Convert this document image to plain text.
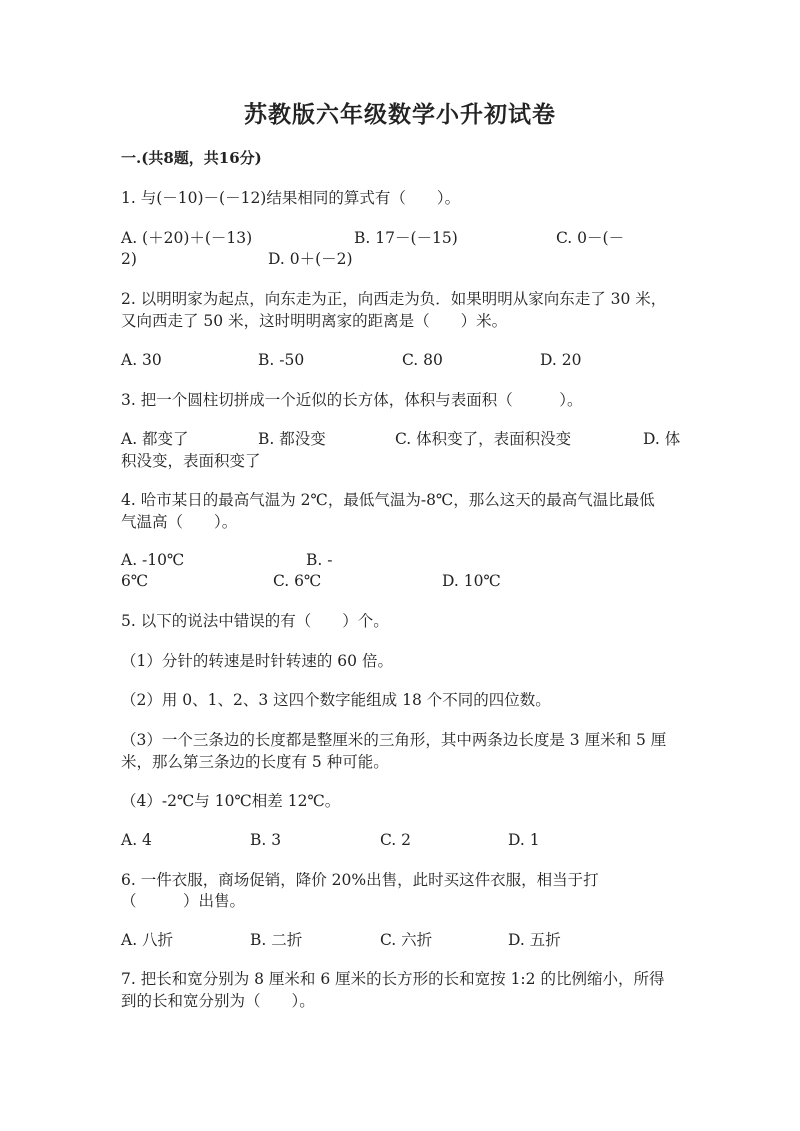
苏教版六年级数学小升初试卷
一.(共8题，共16分)
1. 与(－10)－(－12)结果相同的算式有（　　）。
A. (＋20)＋(－13)	B. 17－(－15)	C. 0－(－
2)	D. 0＋(－2)
2. 以明明家为起点，向东走为正，向西走为负．如果明明从家向东走了 30 米，
又向西走了 50 米，这时明明离家的距离是（　　）米。
A. 30	B. -50	C. 80	D. 20
3. 把一个圆柱切拼成一个近似的长方体，体积与表面积（　　　）。
A. 都变了	B. 都没变	C. 体积变了，表面积没变	D. 体
积没变，表面积变了
4. 哈市某日的最高气温为 2℃，最低气温为-8℃，那么这天的最高气温比最低
气温高（　　）。
A. -10℃	B. -
6℃	C. 6℃	D. 10℃
5. 以下的说法中错误的有（　　）个。
（1）分针的转速是时针转速的 60 倍。
（2）用 0、1、2、3 这四个数字能组成 18 个不同的四位数。
（3）一个三条边的长度都是整厘米的三角形，其中两条边长度是 3 厘米和 5 厘
米，那么第三条边的长度有 5 种可能。
（4）-2℃与 10℃相差 12℃。
A. 4	B. 3	C. 2	D. 1
6. 一件衣服，商场促销，降价 20%出售，此时买这件衣服，相当于打
（　　　）出售。
A. 八折	B. 二折	C. 六折	D. 五折
7. 把长和宽分别为 8 厘米和 6 厘米的长方形的长和宽按 1:2 的比例缩小，所得
到的长和宽分别为（　　）。
